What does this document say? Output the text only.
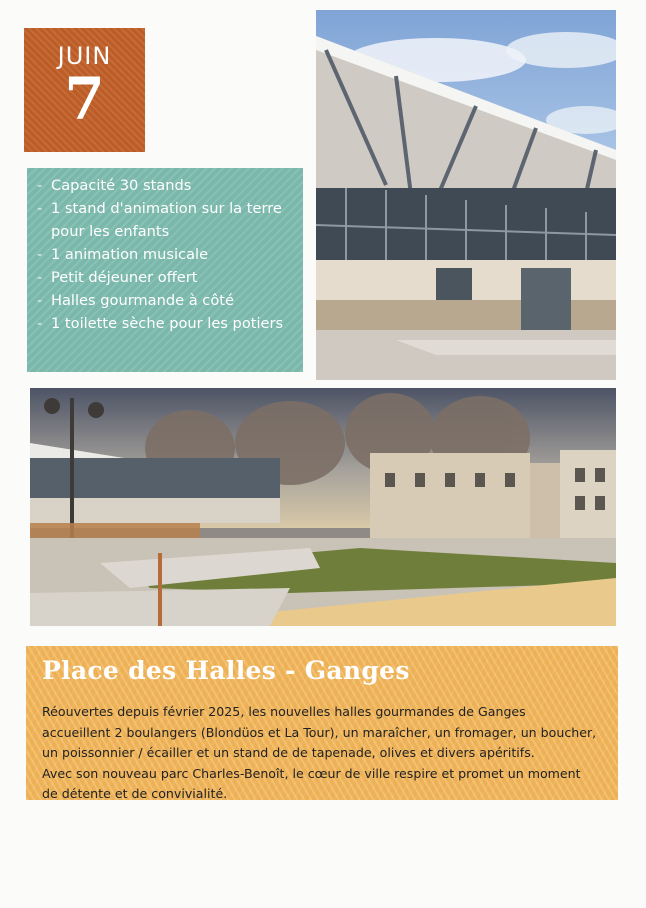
JUIN
7
- Capacité 30 stands
- 1 stand d'animation sur la terre pour les enfants
- 1 animation musicale
- Petit déjeuner offert
- Halles gourmande à côté
- 1 toilette sèche pour les potiers
Place des Halles - Ganges

Réouvertes depuis février 2025, les nouvelles halles gourmandes de Ganges
accueillent 2 boulangers (Blondüos et La Tour), un maraîcher, un fromager, un boucher,
un poissonnier / écailler et un stand de de tapenade, olives et divers apéritifs.
Avec son nouveau parc Charles-Benoît, le cœur de ville respire et promet un moment
de détente et de convivialité.
